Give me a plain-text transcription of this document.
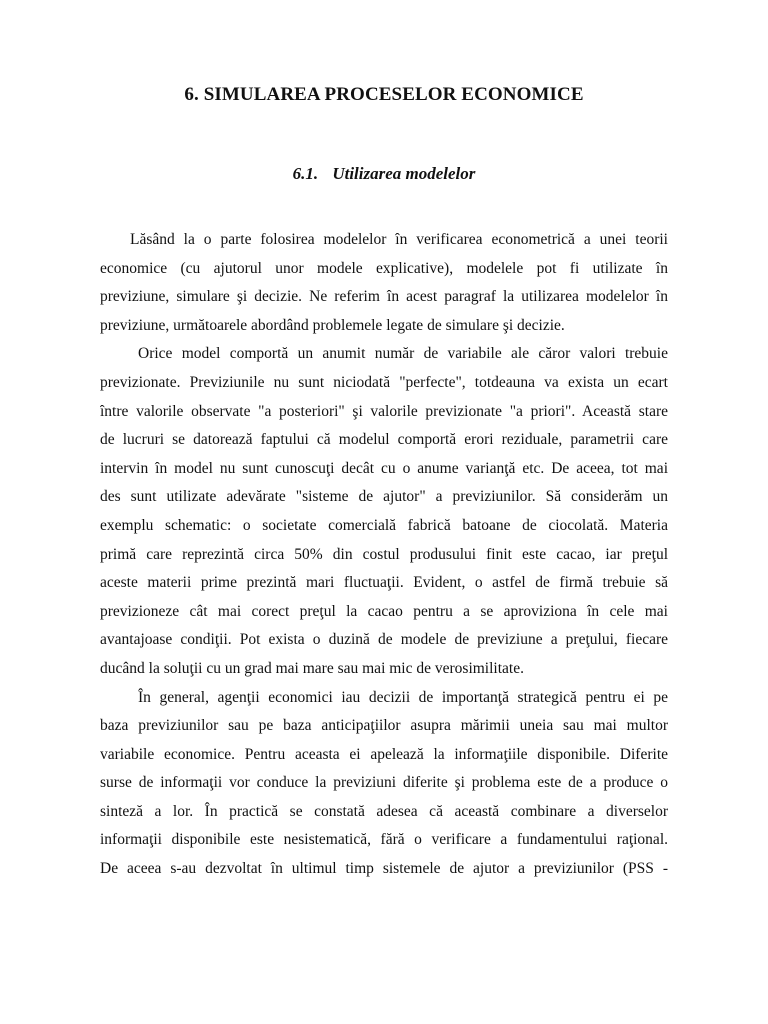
6. SIMULAREA PROCESELOR ECONOMICE
6.1. Utilizarea modelelor
Lăsând la o parte folosirea modelelor în verificarea econometrică a unei teorii
economice (cu ajutorul unor modele explicative), modelele pot fi utilizate în
previziune, simulare şi decizie. Ne referim în acest paragraf la utilizarea modelelor în
previziune, următoarele abordând problemele legate de simulare şi decizie.
Orice model comportă un anumit număr de variabile ale căror valori trebuie
previzionate. Previziunile nu sunt niciodată "perfecte", totdeauna va exista un ecart
între valorile observate "a posteriori" şi valorile previzionate "a priori". Această stare
de lucruri se datorează faptului că modelul comportă erori reziduale, parametrii care
intervin în model nu sunt cunoscuţi decât cu o anume varianţă etc. De aceea, tot mai
des sunt utilizate adevărate "sisteme de ajutor" a previziunilor. Să considerăm un
exemplu schematic: o societate comercială fabrică batoane de ciocolată. Materia
primă care reprezintă circa 50% din costul produsului finit este cacao, iar preţul
aceste materii prime prezintă mari fluctuaţii. Evident, o astfel de firmă trebuie să
previzioneze cât mai corect preţul la cacao pentru a se aproviziona în cele mai
avantajoase condiţii. Pot exista o duzină de modele de previziune a preţului, fiecare
ducând la soluţii cu un grad mai mare sau mai mic de verosimilitate.
În general, agenţii economici iau decizii de importanţă strategică pentru ei pe
baza previziunilor sau pe baza anticipaţiilor asupra mărimii uneia sau mai multor
variabile economice. Pentru aceasta ei apelează la informaţiile disponibile. Diferite
surse de informaţii vor conduce la previziuni diferite şi problema este de a produce o
sinteză a lor. În practică se constată adesea că această combinare a diverselor
informaţii disponibile este nesistematică, fără o verificare a fundamentului raţional.
De aceea s-au dezvoltat în ultimul timp sistemele de ajutor a previziunilor (PSS -
